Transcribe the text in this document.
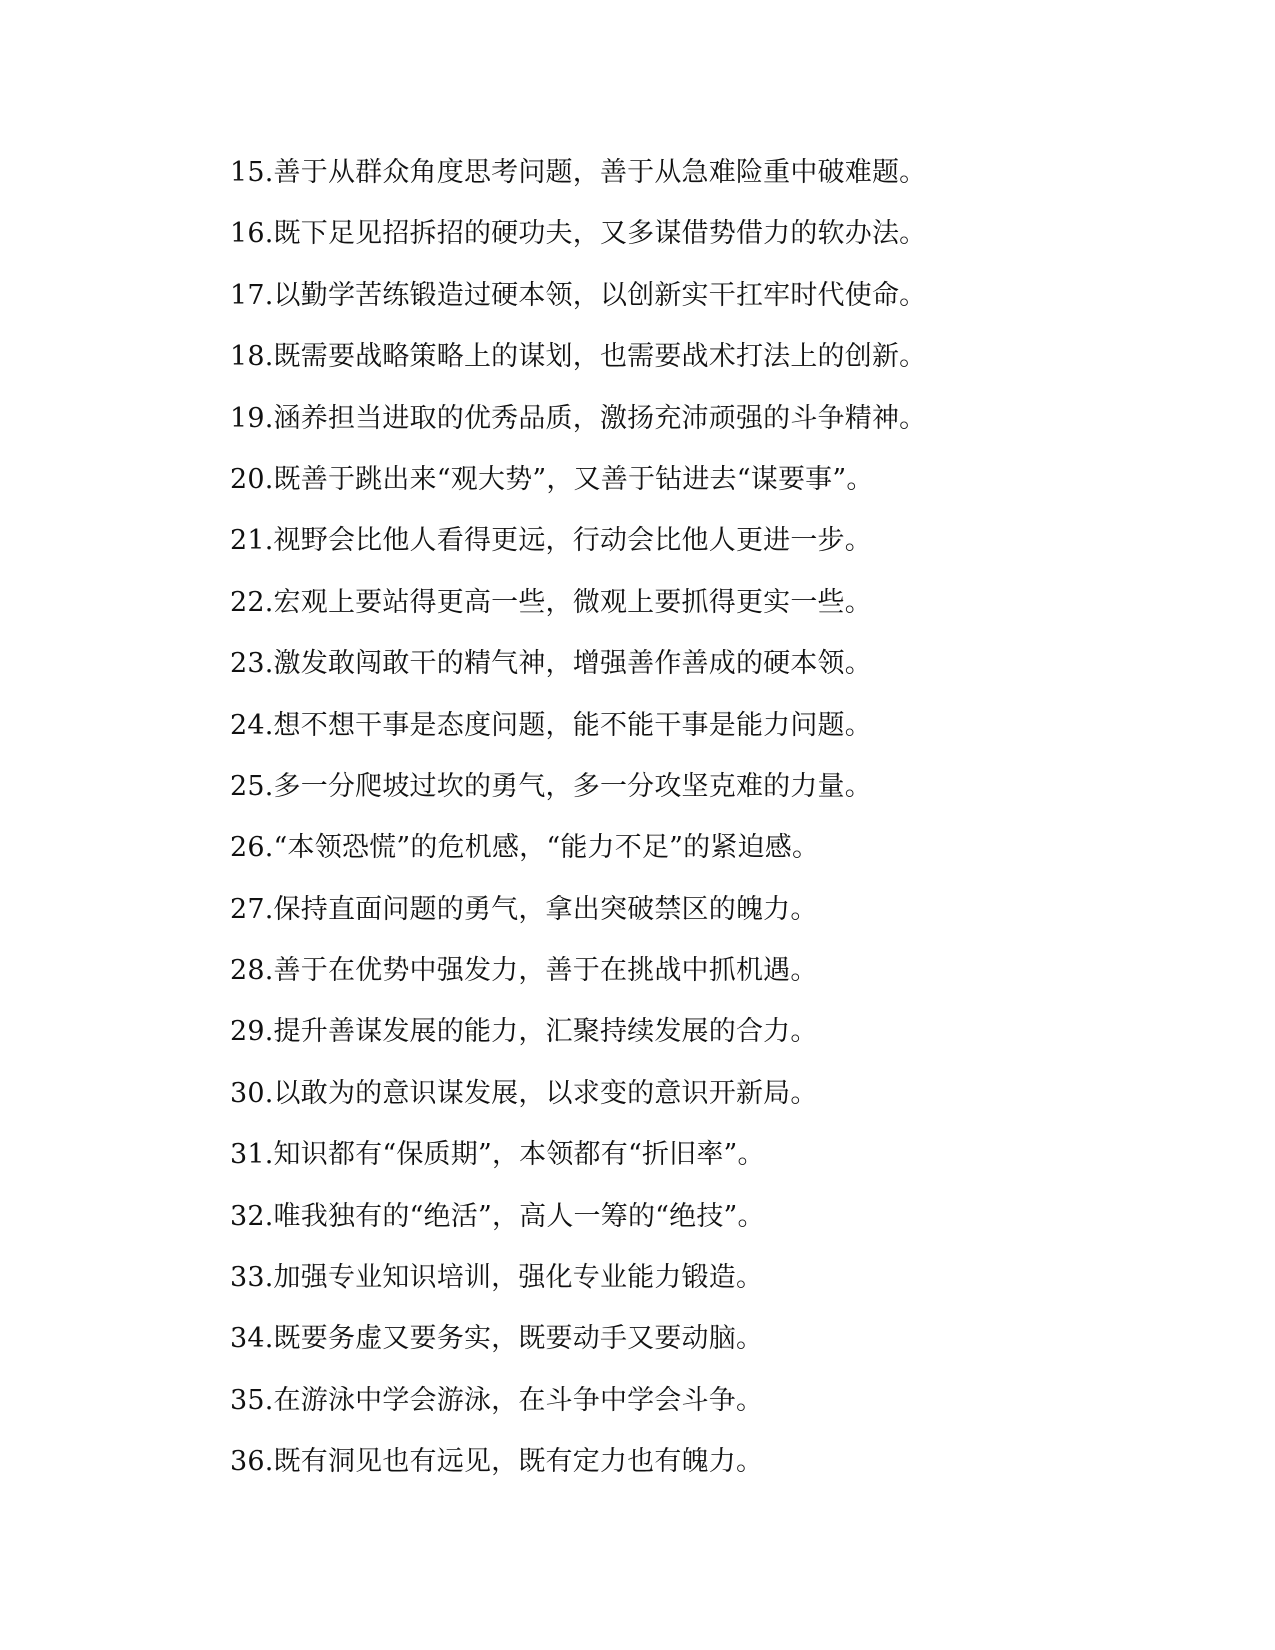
15.善于从群众角度思考问题，善于从急难险重中破难题。
16.既下足见招拆招的硬功夫，又多谋借势借力的软办法。
17.以勤学苦练锻造过硬本领，以创新实干扛牢时代使命。
18.既需要战略策略上的谋划，也需要战术打法上的创新。
19.涵养担当进取的优秀品质，激扬充沛顽强的斗争精神。
20.既善于跳出来“观大势”，又善于钻进去“谋要事”。
21.视野会比他人看得更远，行动会比他人更进一步。
22.宏观上要站得更高一些，微观上要抓得更实一些。
23.激发敢闯敢干的精气神，增强善作善成的硬本领。
24.想不想干事是态度问题，能不能干事是能力问题。
25.多一分爬坡过坎的勇气，多一分攻坚克难的力量。
26.“本领恐慌”的危机感，“能力不足”的紧迫感。
27.保持直面问题的勇气，拿出突破禁区的魄力。
28.善于在优势中强发力，善于在挑战中抓机遇。
29.提升善谋发展的能力，汇聚持续发展的合力。
30.以敢为的意识谋发展，以求变的意识开新局。
31.知识都有“保质期”，本领都有“折旧率”。
32.唯我独有的“绝活”，高人一筹的“绝技”。
33.加强专业知识培训，强化专业能力锻造。
34.既要务虚又要务实，既要动手又要动脑。
35.在游泳中学会游泳，在斗争中学会斗争。
36.既有洞见也有远见，既有定力也有魄力。
